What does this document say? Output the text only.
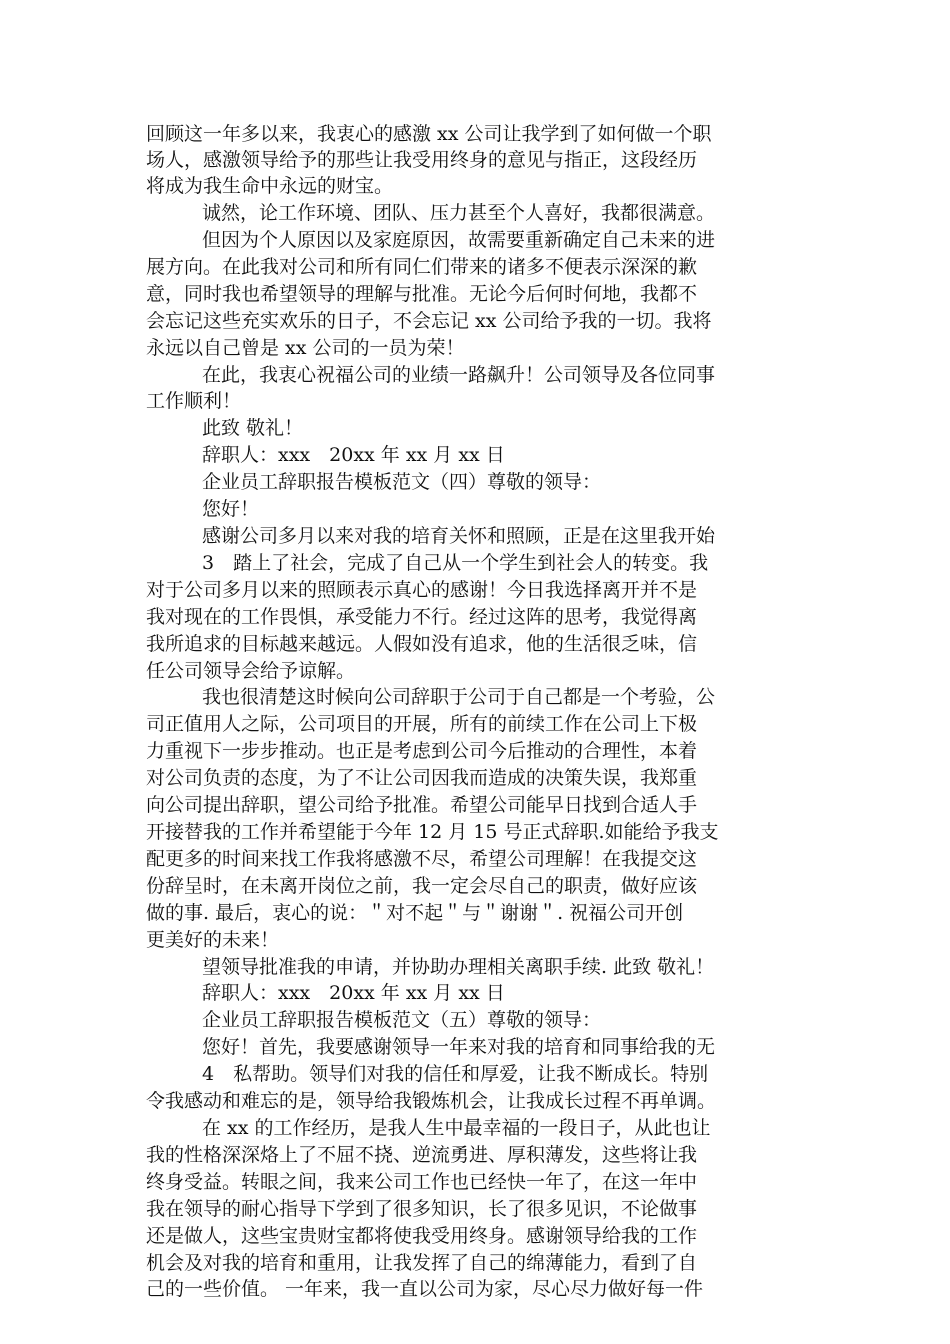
回顾这一年多以来，我衷心的感激 xx 公司让我学到了如何做一个职
场人，感激领导给予的那些让我受用终身的意见与指正，这段经历
将成为我生命中永远的财宝。
诚然，论工作环境、团队、压力甚至个人喜好，我都很满意。
但因为个人原因以及家庭原因，故需要重新确定自己未来的进
展方向。在此我对公司和所有同仁们带来的诸多不便表示深深的歉
意，同时我也希望领导的理解与批准。无论今后何时何地，我都不
会忘记这些充实欢乐的日子，不会忘记 xx 公司给予我的一切。我将
永远以自己曾是 xx 公司的一员为荣！
在此，我衷心祝福公司的业绩一路飙升！公司领导及各位同事
工作顺利！
此致 敬礼！
辞职人：xxx　20xx 年 xx 月 xx 日
企业员工辞职报告模板范文（四）尊敬的领导：
您好！
感谢公司多月以来对我的培育关怀和照顾，正是在这里我开始
3　踏上了社会，完成了自己从一个学生到社会人的转变。我
对于公司多月以来的照顾表示真心的感谢！今日我选择离开并不是
我对现在的工作畏惧，承受能力不行。经过这阵的思考，我觉得离
我所追求的目标越来越远。人假如没有追求，他的生活很乏味，信
任公司领导会给予谅解。
我也很清楚这时候向公司辞职于公司于自己都是一个考验，公
司正值用人之际，公司项目的开展，所有的前续工作在公司上下极
力重视下一步步推动。也正是考虑到公司今后推动的合理性，本着
对公司负责的态度，为了不让公司因我而造成的决策失误，我郑重
向公司提出辞职，望公司给予批准。希望公司能早日找到合适人手
开接替我的工作并希望能于今年 12 月 15 号正式辞职.如能给予我支
配更多的时间来找工作我将感激不尽，希望公司理解！在我提交这
份辞呈时，在未离开岗位之前，我一定会尽自己的职责，做好应该
做的事. 最后，衷心的说：＂对不起＂与＂谢谢＂. 祝福公司开创
更美好的未来！
望领导批准我的申请，并协助办理相关离职手续. 此致 敬礼！
辞职人：xxx　20xx 年 xx 月 xx 日
企业员工辞职报告模板范文（五）尊敬的领导：
您好！首先，我要感谢领导一年来对我的培育和同事给我的无
4　私帮助。领导们对我的信任和厚爱，让我不断成长。特别
令我感动和难忘的是，领导给我锻炼机会，让我成长过程不再单调。
在 xx 的工作经历，是我人生中最幸福的一段日子，从此也让
我的性格深深烙上了不屈不挠、逆流勇进、厚积薄发，这些将让我
终身受益。转眼之间，我来公司工作也已经快一年了，在这一年中
我在领导的耐心指导下学到了很多知识，长了很多见识，不论做事
还是做人，这些宝贵财宝都将使我受用终身。感谢领导给我的工作
机会及对我的培育和重用，让我发挥了自己的绵薄能力，看到了自
己的一些价值。 一年来，我一直以公司为家，尽心尽力做好每一件
